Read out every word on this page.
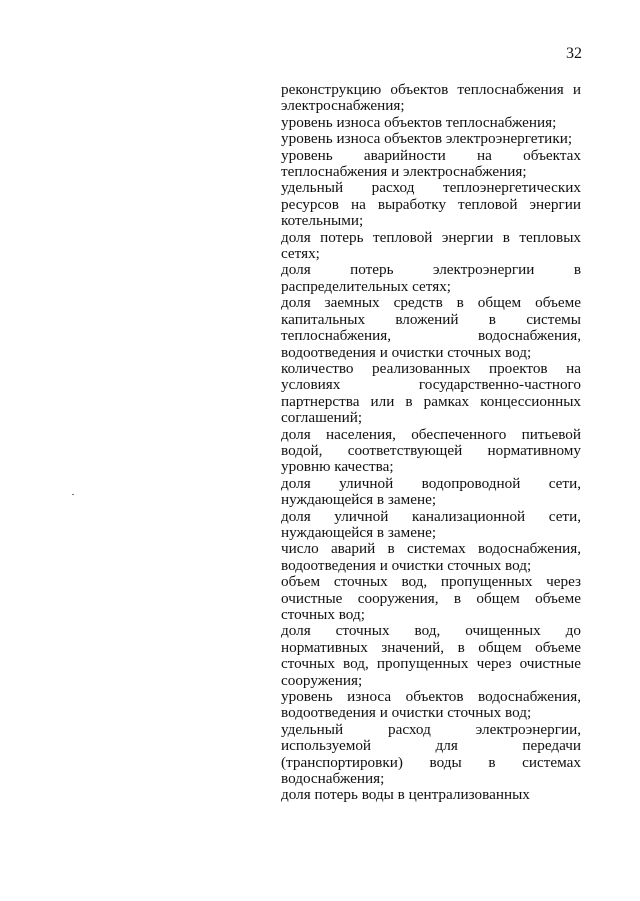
32

реконструкцию объектов теплоснабжения и электроснабжения;

уровень износа объектов теплоснабжения;

уровень износа объектов электроэнергетики;

уровень аварийности на объектах теплоснабжения и электроснабжения;

удельный расход теплоэнергетических ресурсов на выработку тепловой энергии котельными;

доля потерь тепловой энергии в тепловых сетях;

доля потерь электроэнергии в распределительных сетях;

доля заемных средств в общем объеме капитальных вложений в системы теплоснабжения, водоснабжения, водоотведения и очистки сточных вод;

количество реализованных проектов на условиях государственно-частного партнерства или в рамках концессионных соглашений;

доля населения, обеспеченного питьевой водой, соответствующей нормативному уровню качества;

доля уличной водопроводной сети, нуждающейся в замене;

доля уличной канализационной сети, нуждающейся в замене;

число аварий в системах водоснабжения, водоотведения и очистки сточных вод;

объем сточных вод, пропущенных через очистные сооружения, в общем объеме сточных вод;

доля сточных вод, очищенных до нормативных значений, в общем объеме сточных вод, пропущенных через очистные сооружения;

уровень износа объектов водоснабжения, водоотведения и очистки сточных вод;

удельный расход электроэнергии, используемой для передачи (транспортировки) воды в системах водоснабжения;

доля потерь воды в централизованных
